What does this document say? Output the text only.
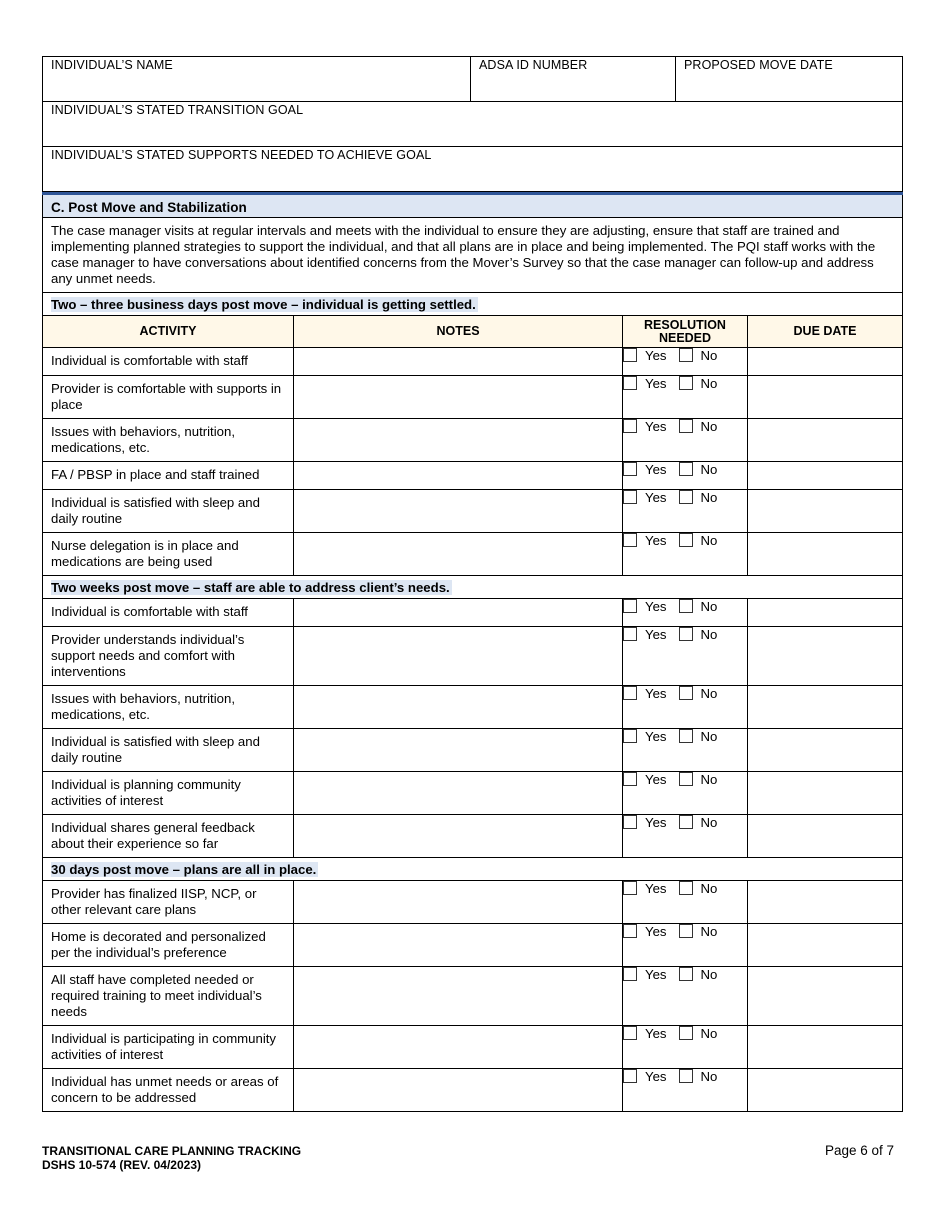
INDIVIDUAL’S NAME	ADSA ID NUMBER	PROPOSED MOVE DATE

INDIVIDUAL’S STATED TRANSITION GOAL

INDIVIDUAL’S STATED SUPPORTS NEEDED TO ACHIEVE GOAL
C. Post Move and Stabilization			
The case manager visits at regular intervals and meets with the individual to ensure they are adjusting, ensure that staff are trained and implementing planned strategies to support the individual, and that all plans are in place and being implemented. The PQI staff works with the case manager to have conversations about identified concerns from the Mover’s Survey so that the case manager can follow-up and address any unmet needs.			
Two – three business days post move – individual is getting settled.			
ACTIVITY	NOTES	RESOLUTION NEEDED	DUE DATE
Individual is comfortable with staff		Yes No	
Provider is comfortable with supports in place		Yes No	
Issues with behaviors, nutrition, medications, etc.		Yes No	
FA / PBSP in place and staff trained		Yes No	
Individual is satisfied with sleep and daily routine		Yes No	
Nurse delegation is in place and medications are being used		Yes No	
Two weeks post move – staff are able to address client’s needs.			
Individual is comfortable with staff		Yes No	
Provider understands individual’s support needs and comfort with interventions		Yes No	
Issues with behaviors, nutrition, medications, etc.		Yes No	
Individual is satisfied with sleep and daily routine		Yes No	
Individual is planning community activities of interest		Yes No	
Individual shares general feedback about their experience so far		Yes No	
30 days post move – plans are all in place.			
Provider has finalized IISP, NCP, or other relevant care plans		Yes No	
Home is decorated and personalized per the individual’s preference		Yes No	
All staff have completed needed or required training to meet individual’s needs		Yes No	
Individual is participating in community activities of interest		Yes No	
Individual has unmet needs or areas of concern to be addressed		Yes No	
TRANSITIONAL CARE PLANNING TRACKING
DSHS 10-574 (REV. 04/2023)
Page 6 of 7
